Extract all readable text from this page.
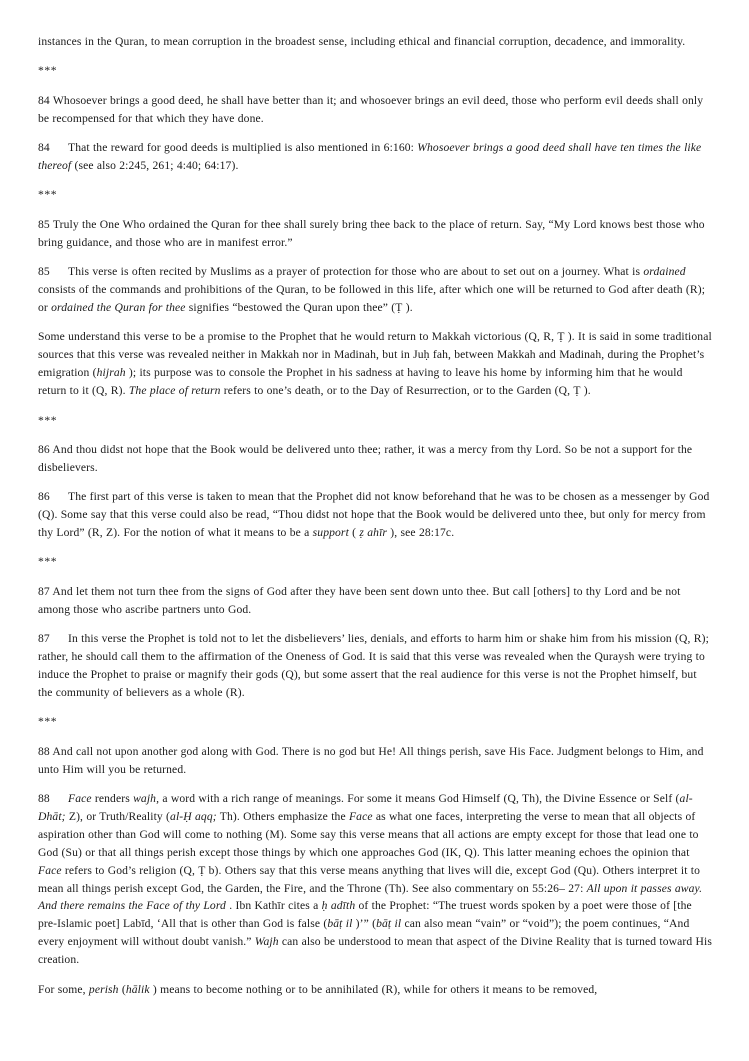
instances in the Quran, to mean corruption in the broadest sense, including ethical and financial corruption, decadence, and immorality.

***

84 Whosoever brings a good deed, he shall have better than it; and whosoever brings an evil deed, those who perform evil deeds shall only be recompensed for that which they have done.

84 That the reward for good deeds is multiplied is also mentioned in 6:160: Whosoever brings a good deed shall have ten times the like thereof (see also 2:245, 261; 4:40; 64:17).

***

85 Truly the One Who ordained the Quran for thee shall surely bring thee back to the place of return. Say, “My Lord knows best those who bring guidance, and those who are in manifest error.”

85 This verse is often recited by Muslims as a prayer of protection for those who are about to set out on a journey. What is ordained consists of the commands and prohibitions of the Quran, to be followed in this life, after which one will be returned to God after death (R); or ordained the Quran for thee signifies “bestowed the Quran upon thee” (Ṭ ).

Some understand this verse to be a promise to the Prophet that he would return to Makkah victorious (Q, R, Ṭ ). It is said in some traditional sources that this verse was revealed neither in Makkah nor in Madinah, but in Juḥ fah, between Makkah and Madinah, during the Prophet’s emigration (hijrah ); its purpose was to console the Prophet in his sadness at having to leave his home by informing him that he would return to it (Q, R). The place of return refers to one’s death, or to the Day of Resurrection, or to the Garden (Q, Ṭ ).

***

86 And thou didst not hope that the Book would be delivered unto thee; rather, it was a mercy from thy Lord. So be not a support for the disbelievers.

86 The first part of this verse is taken to mean that the Prophet did not know beforehand that he was to be chosen as a messenger by God (Q). Some say that this verse could also be read, “Thou didst not hope that the Book would be delivered unto thee, but only for mercy from thy Lord” (R, Z). For the notion of what it means to be a support ( ẓ ahīr ), see 28:17c.

***

87 And let them not turn thee from the signs of God after they have been sent down unto thee. But call [others] to thy Lord and be not among those who ascribe partners unto God.

87 In this verse the Prophet is told not to let the disbelievers’ lies, denials, and efforts to harm him or shake him from his mission (Q, R); rather, he should call them to the affirmation of the Oneness of God. It is said that this verse was revealed when the Quraysh were trying to induce the Prophet to praise or magnify their gods (Q), but some assert that the real audience for this verse is not the Prophet himself, but the community of believers as a whole (R).

***

88 And call not upon another god along with God. There is no god but He! All things perish, save His Face. Judgment belongs to Him, and unto Him will you be returned.

88 Face renders wajh, a word with a rich range of meanings. For some it means God Himself (Q, Th), the Divine Essence or Self (al-Dhāt; Z), or Truth/Reality (al-Ḥ aqq; Th). Others emphasize the Face as what one faces, interpreting the verse to mean that all objects of aspiration other than God will come to nothing (M). Some say this verse means that all actions are empty except for those that lead one to God (Su) or that all things perish except those things by which one approaches God (IK, Q). This latter meaning echoes the opinion that Face refers to God’s religion (Q, Ṭ b). Others say that this verse means anything that lives will die, except God (Qu). Others interpret it to mean all things perish except God, the Garden, the Fire, and the Throne (Th). See also commentary on 55:26– 27: All upon it passes away. And there remains the Face of thy Lord . Ibn Kathīr cites a ḥ adīth of the Prophet: “The truest words spoken by a poet were those of [the pre-Islamic poet] Labīd, ‘All that is other than God is false (bāṭ il )’” (bāṭ il can also mean “vain” or “void”); the poem continues, “And every enjoyment will without doubt vanish.” Wajh can also be understood to mean that aspect of the Divine Reality that is turned toward His creation.

For some, perish (hālik ) means to become nothing or to be annihilated (R), while for others it means to be removed,
